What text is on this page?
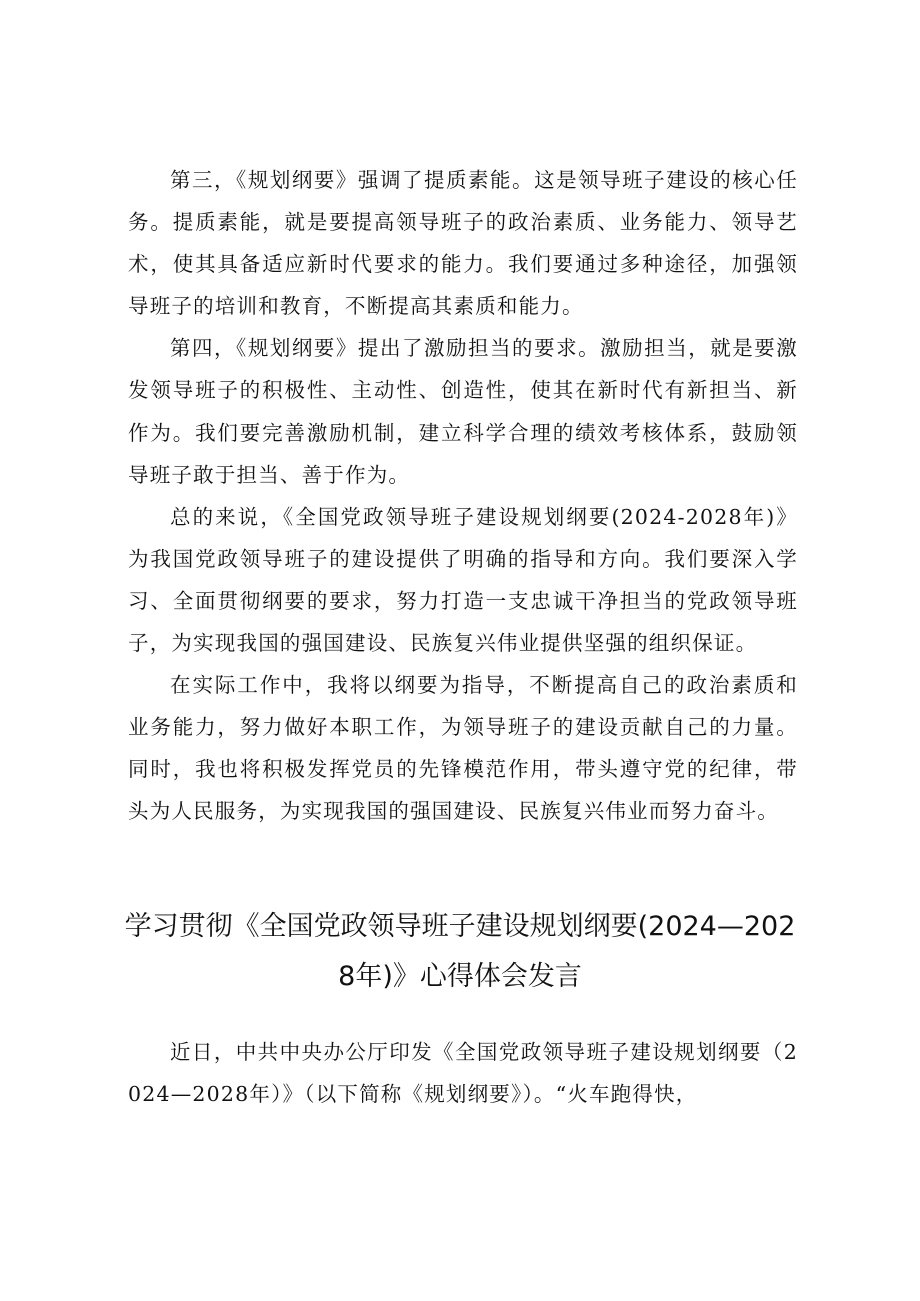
第三，《规划纲要》强调了提质素能。这是领导班子建设的核心任务。提质素能，就是要提高领导班子的政治素质、业务能力、领导艺术，使其具备适应新时代要求的能力。我们要通过多种途径，加强领导班子的培训和教育，不断提高其素质和能力。

第四，《规划纲要》提出了激励担当的要求。激励担当，就是要激发领导班子的积极性、主动性、创造性，使其在新时代有新担当、新作为。我们要完善激励机制，建立科学合理的绩效考核体系，鼓励领导班子敢于担当、善于作为。

总的来说，《全国党政领导班子建设规划纲要(2024-2028年)》为我国党政领导班子的建设提供了明确的指导和方向。我们要深入学习、全面贯彻纲要的要求，努力打造一支忠诚干净担当的党政领导班子，为实现我国的强国建设、民族复兴伟业提供坚强的组织保证。

在实际工作中，我将以纲要为指导，不断提高自己的政治素质和业务能力，努力做好本职工作，为领导班子的建设贡献自己的力量。同时，我也将积极发挥党员的先锋模范作用，带头遵守党的纪律，带头为人民服务，为实现我国的强国建设、民族复兴伟业而努力奋斗。

学习贯彻《全国党政领导班子建设规划纲要(2024—2028年)》心得体会发言

近日，中共中央办公厅印发《全国党政领导班子建设规划纲要（2024—2028年）》（以下简称《规划纲要》）。“火车跑得快，
